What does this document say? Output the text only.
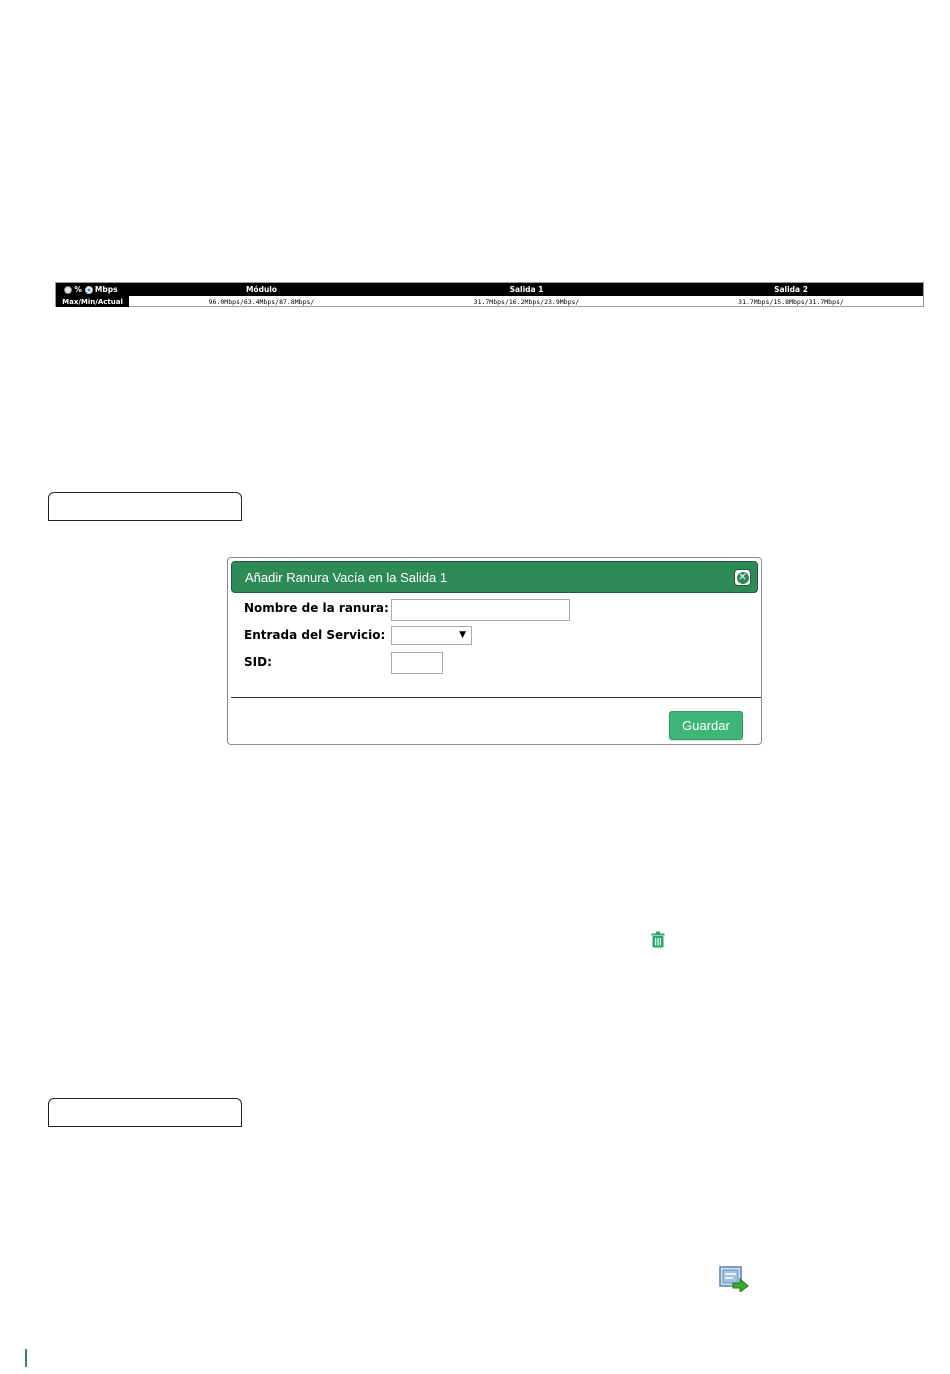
% Mbps	Módulo	Salida 1	Salida 2
Max/Min/Actual	96.0Mbps/63.4Mbps/87.8Mbps/	31.7Mbps/16.2Mbps/23.9Mbps/	31.7Mbps/15.8Mbps/31.7Mbps/
Añadir Ranura Vacía en la Salida 1	✕
Nombre de la ranura:
Entrada del Servicio:	▼
SID:
Guardar
